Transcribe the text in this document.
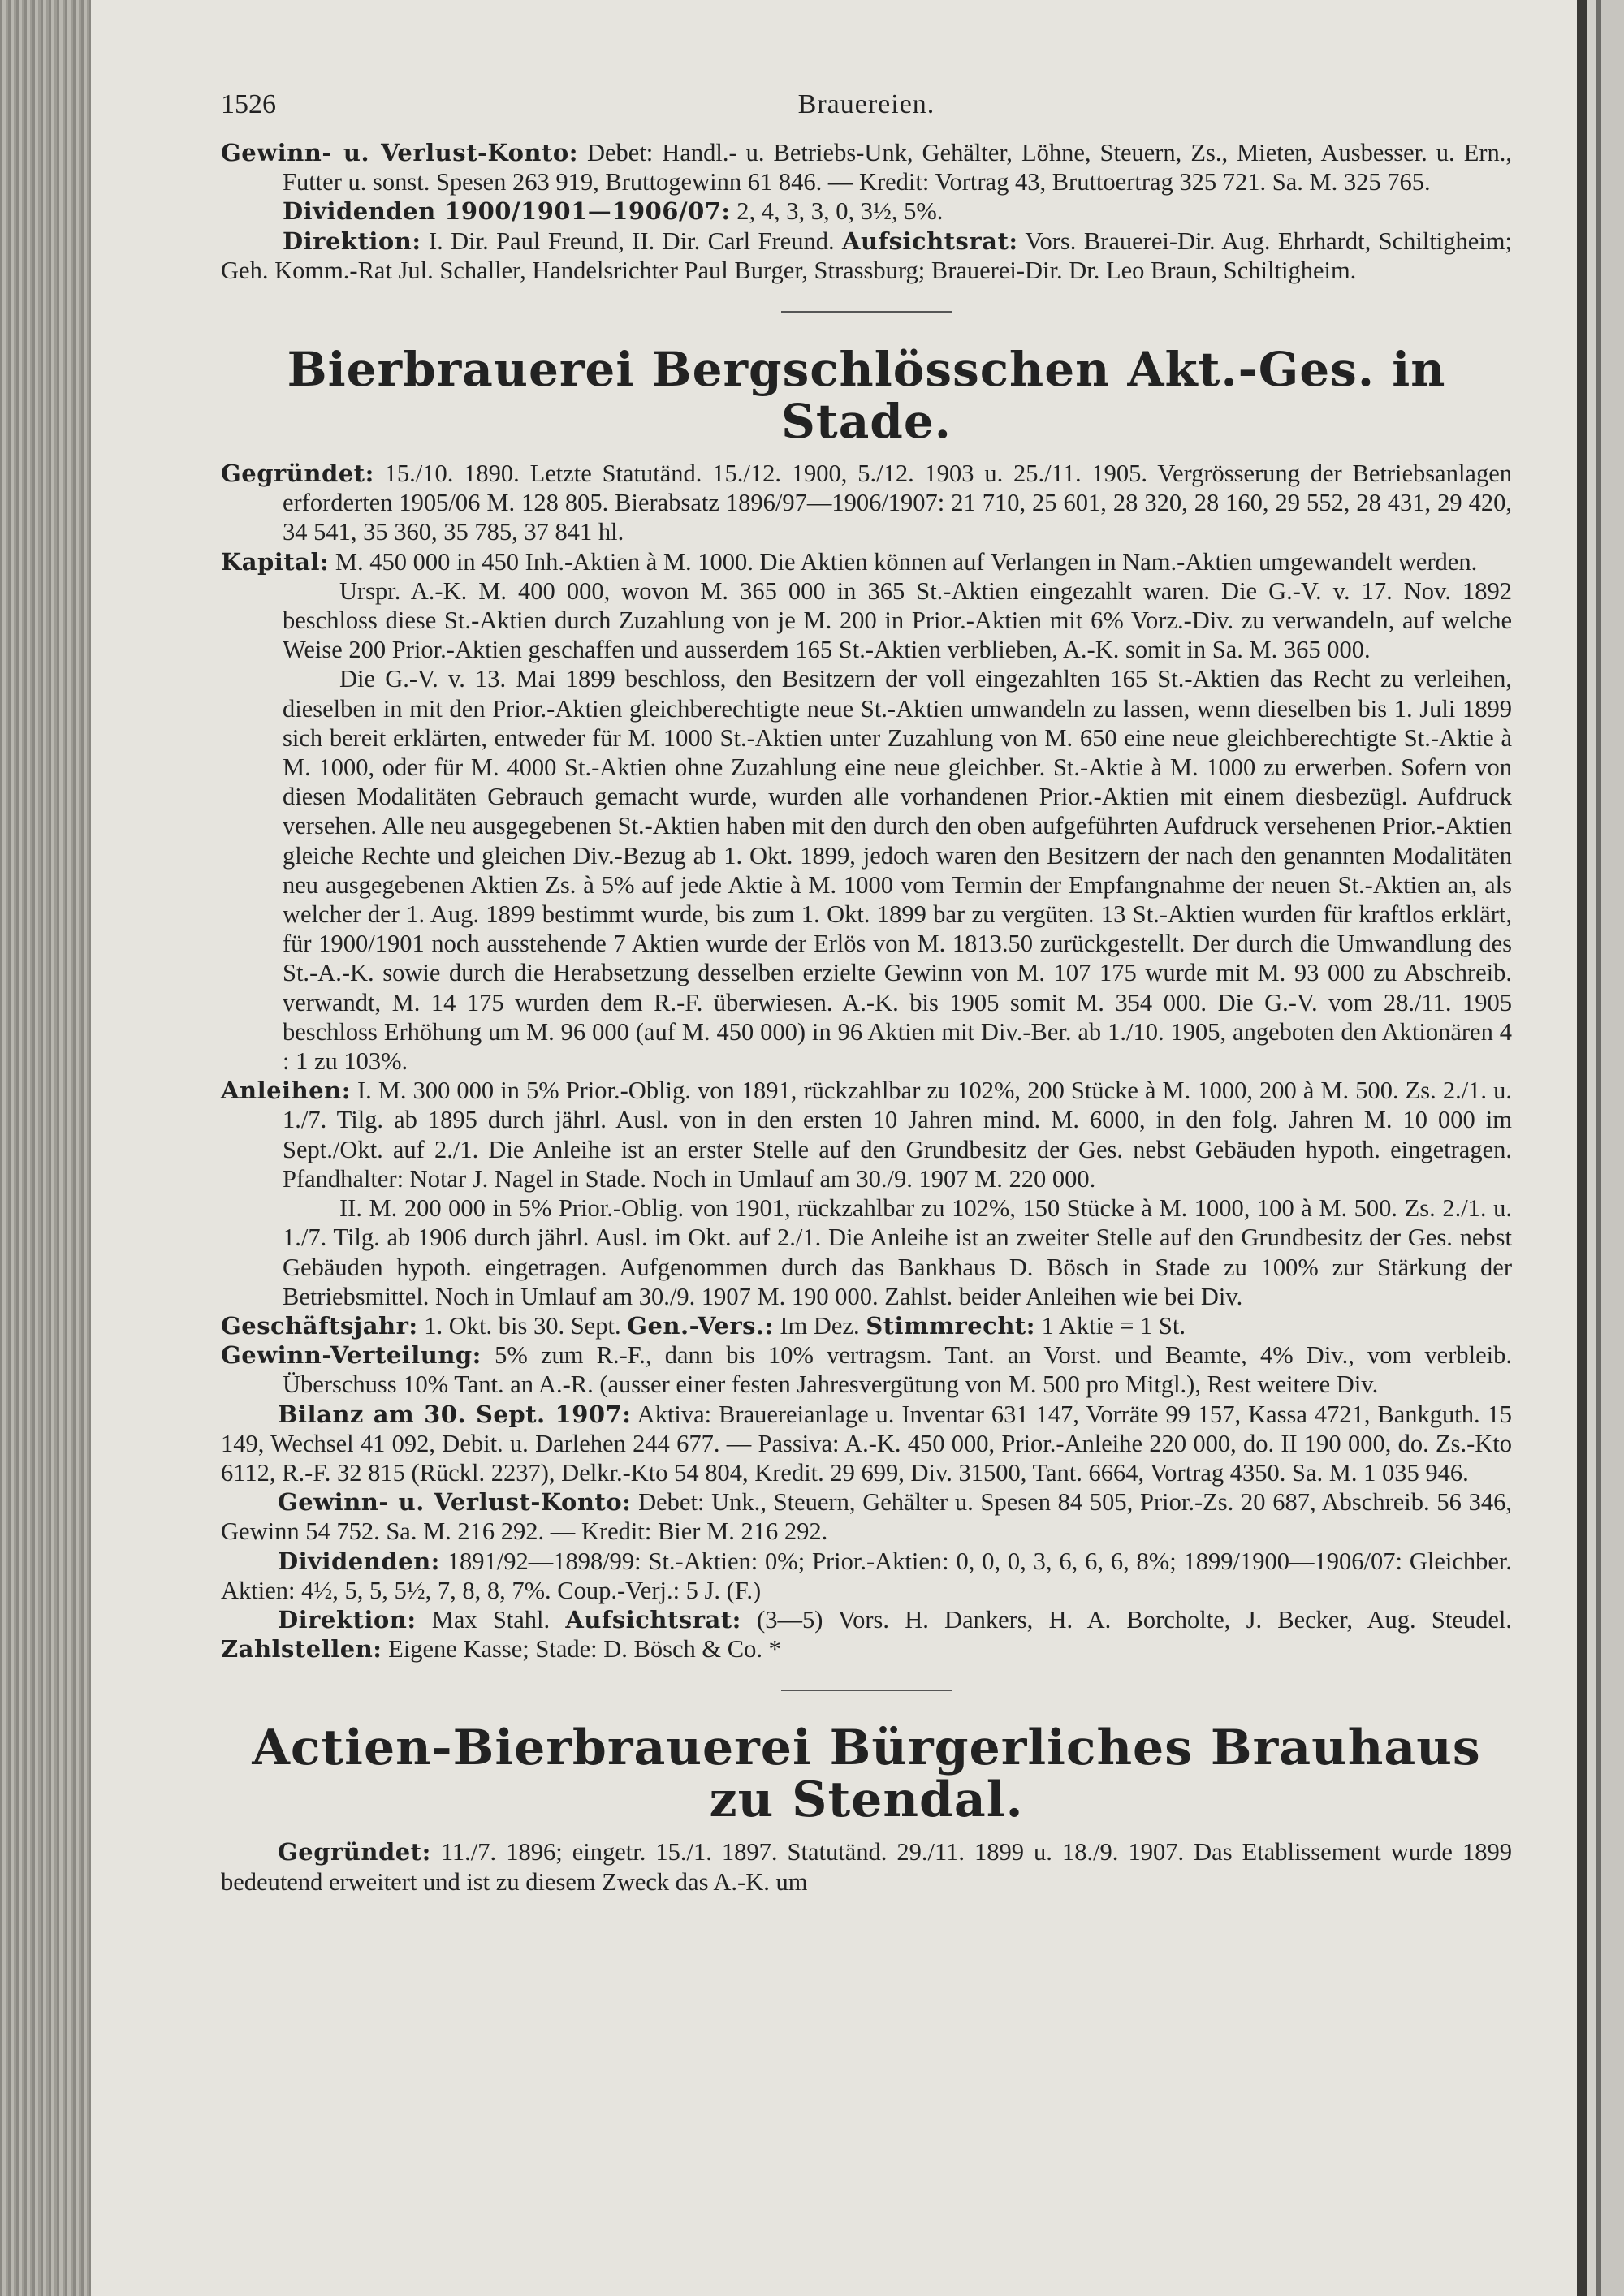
1526	Brauereien.

Gewinn- u. Verlust-Konto: Debet: Handl.- u. Betriebs-Unk, Gehälter, Löhne, Steuern, Zs., Mieten, Ausbesser. u. Ern., Futter u. sonst. Spesen 263 919, Bruttogewinn 61 846. — Kredit: Vortrag 43, Bruttoertrag 325 721. Sa. M. 325 765.

Dividenden 1900/1901—1906/07: 2, 4, 3, 3, 0, 3½, 5%.

Direktion: I. Dir. Paul Freund, II. Dir. Carl Freund. Aufsichtsrat: Vors. Brauerei-Dir. Aug. Ehrhardt, Schiltigheim; Geh. Komm.-Rat Jul. Schaller, Handelsrichter Paul Burger, Strassburg; Brauerei-Dir. Dr. Leo Braun, Schiltigheim.

Bierbrauerei Bergschlösschen Akt.-Ges. in Stade.

Gegründet: 15./10. 1890. Letzte Statutänd. 15./12. 1900, 5./12. 1903 u. 25./11. 1905. Vergrösserung der Betriebsanlagen erforderten 1905/06 M. 128 805. Bierabsatz 1896/97—1906/1907: 21 710, 25 601, 28 320, 28 160, 29 552, 28 431, 29 420, 34 541, 35 360, 35 785, 37 841 hl.

Kapital: M. 450 000 in 450 Inh.-Aktien à M. 1000. Die Aktien können auf Verlangen in Nam.-Aktien umgewandelt werden.

Urspr. A.-K. M. 400 000, wovon M. 365 000 in 365 St.-Aktien eingezahlt waren. Die G.-V. v. 17. Nov. 1892 beschloss diese St.-Aktien durch Zuzahlung von je M. 200 in Prior.-Aktien mit 6% Vorz.-Div. zu verwandeln, auf welche Weise 200 Prior.-Aktien geschaffen und ausserdem 165 St.-Aktien verblieben, A.-K. somit in Sa. M. 365 000.

Die G.-V. v. 13. Mai 1899 beschloss, den Besitzern der voll eingezahlten 165 St.-Aktien das Recht zu verleihen, dieselben in mit den Prior.-Aktien gleichberechtigte neue St.-Aktien umwandeln zu lassen, wenn dieselben bis 1. Juli 1899 sich bereit erklärten, entweder für M. 1000 St.-Aktien unter Zuzahlung von M. 650 eine neue gleichberechtigte St.-Aktie à M. 1000, oder für M. 4000 St.-Aktien ohne Zuzahlung eine neue gleichber. St.-Aktie à M. 1000 zu erwerben. Sofern von diesen Modalitäten Gebrauch gemacht wurde, wurden alle vorhandenen Prior.-Aktien mit einem diesbezügl. Aufdruck versehen. Alle neu ausgegebenen St.-Aktien haben mit den durch den oben aufgeführten Aufdruck versehenen Prior.-Aktien gleiche Rechte und gleichen Div.-Bezug ab 1. Okt. 1899, jedoch waren den Besitzern der nach den genannten Modalitäten neu ausgegebenen Aktien Zs. à 5% auf jede Aktie à M. 1000 vom Termin der Empfangnahme der neuen St.-Aktien an, als welcher der 1. Aug. 1899 bestimmt wurde, bis zum 1. Okt. 1899 bar zu vergüten. 13 St.-Aktien wurden für kraftlos erklärt, für 1900/1901 noch ausstehende 7 Aktien wurde der Erlös von M. 1813.50 zurückgestellt. Der durch die Umwandlung des St.-A.-K. sowie durch die Herabsetzung desselben erzielte Gewinn von M. 107 175 wurde mit M. 93 000 zu Abschreib. verwandt, M. 14 175 wurden dem R.-F. überwiesen. A.-K. bis 1905 somit M. 354 000. Die G.-V. vom 28./11. 1905 beschloss Erhöhung um M. 96 000 (auf M. 450 000) in 96 Aktien mit Div.-Ber. ab 1./10. 1905, angeboten den Aktionären 4 : 1 zu 103%.

Anleihen: I. M. 300 000 in 5% Prior.-Oblig. von 1891, rückzahlbar zu 102%, 200 Stücke à M. 1000, 200 à M. 500. Zs. 2./1. u. 1./7. Tilg. ab 1895 durch jährl. Ausl. von in den ersten 10 Jahren mind. M. 6000, in den folg. Jahren M. 10 000 im Sept./Okt. auf 2./1. Die Anleihe ist an erster Stelle auf den Grundbesitz der Ges. nebst Gebäuden hypoth. eingetragen. Pfandhalter: Notar J. Nagel in Stade. Noch in Umlauf am 30./9. 1907 M. 220 000.

II. M. 200 000 in 5% Prior.-Oblig. von 1901, rückzahlbar zu 102%, 150 Stücke à M. 1000, 100 à M. 500. Zs. 2./1. u. 1./7. Tilg. ab 1906 durch jährl. Ausl. im Okt. auf 2./1. Die Anleihe ist an zweiter Stelle auf den Grundbesitz der Ges. nebst Gebäuden hypoth. eingetragen. Aufgenommen durch das Bankhaus D. Bösch in Stade zu 100% zur Stärkung der Betriebsmittel. Noch in Umlauf am 30./9. 1907 M. 190 000. Zahlst. beider Anleihen wie bei Div.

Geschäftsjahr: 1. Okt. bis 30. Sept. Gen.-Vers.: Im Dez. Stimmrecht: 1 Aktie = 1 St.

Gewinn-Verteilung: 5% zum R.-F., dann bis 10% vertragsm. Tant. an Vorst. und Beamte, 4% Div., vom verbleib. Überschuss 10% Tant. an A.-R. (ausser einer festen Jahresvergütung von M. 500 pro Mitgl.), Rest weitere Div.

Bilanz am 30. Sept. 1907: Aktiva: Brauereianlage u. Inventar 631 147, Vorräte 99 157, Kassa 4721, Bankguth. 15 149, Wechsel 41 092, Debit. u. Darlehen 244 677. — Passiva: A.-K. 450 000, Prior.-Anleihe 220 000, do. II 190 000, do. Zs.-Kto 6112, R.-F. 32 815 (Rückl. 2237), Delkr.-Kto 54 804, Kredit. 29 699, Div. 31500, Tant. 6664, Vortrag 4350. Sa. M. 1 035 946.

Gewinn- u. Verlust-Konto: Debet: Unk., Steuern, Gehälter u. Spesen 84 505, Prior.-Zs. 20 687, Abschreib. 56 346, Gewinn 54 752. Sa. M. 216 292. — Kredit: Bier M. 216 292.

Dividenden: 1891/92—1898/99: St.-Aktien: 0%; Prior.-Aktien: 0, 0, 0, 3, 6, 6, 6, 8%; 1899/1900—1906/07: Gleichber. Aktien: 4½, 5, 5, 5½, 7, 8, 8, 7%. Coup.-Verj.: 5 J. (F.)

Direktion: Max Stahl. Aufsichtsrat: (3—5) Vors. H. Dankers, H. A. Borcholte, J. Becker, Aug. Steudel. Zahlstellen: Eigene Kasse; Stade: D. Bösch & Co. *

Actien-Bierbrauerei Bürgerliches Brauhaus zu Stendal.

Gegründet: 11./7. 1896; eingetr. 15./1. 1897. Statutänd. 29./11. 1899 u. 18./9. 1907. Das Etablissement wurde 1899 bedeutend erweitert und ist zu diesem Zweck das A.-K. um
